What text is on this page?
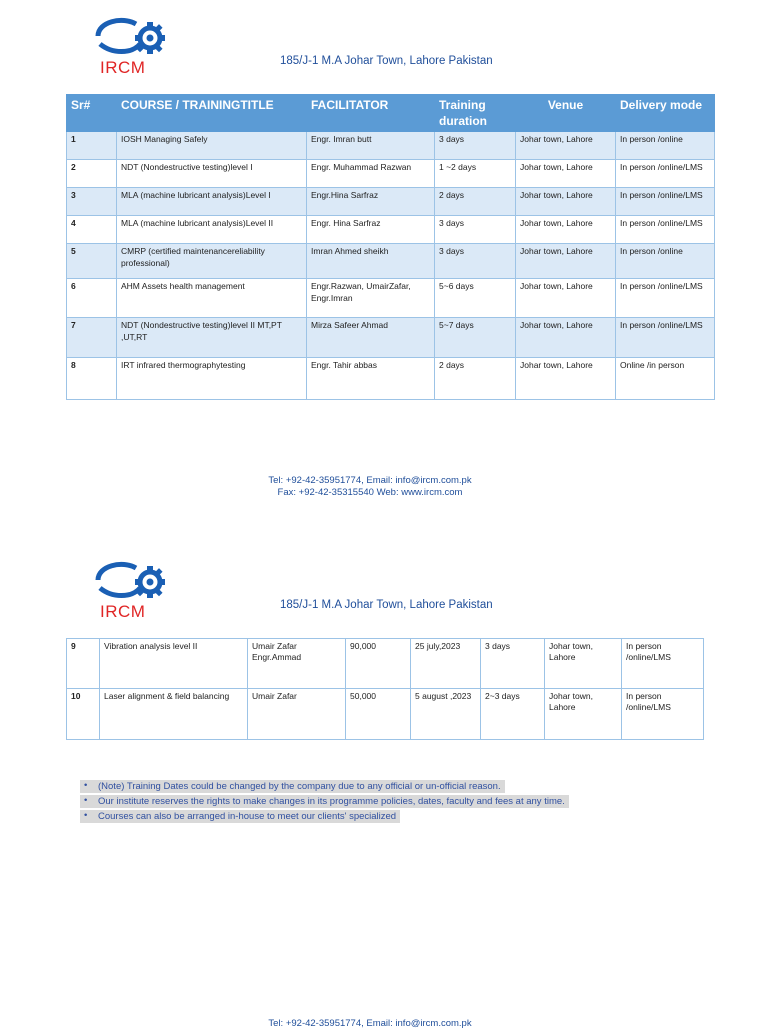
IRCM	185/J-1 M.A Johar Town, Lahore Pakistan
Sr#	COURSE / TRAININGTITLE	FACILITATOR	Training duration	Venue	Delivery mode
1	IOSH Managing Safely	Engr. Imran butt	3 days	Johar town, Lahore	In person /online
2	NDT (Nondestructive testing)level I	Engr. Muhammad Razwan	1 ~2 days	Johar town, Lahore	In person /online/LMS
3	MLA (machine lubricant analysis)Level I	Engr.Hina Sarfraz	2 days	Johar town, Lahore	In person /online/LMS
4	MLA (machine lubricant analysis)Level II	Engr. Hina Sarfraz	3 days	Johar town, Lahore	In person /online/LMS
5	CMRP (certified maintenancereliability professional)	Imran Ahmed sheikh	3 days	Johar town, Lahore	In person /online
6	AHM Assets health management	Engr.Razwan, UmairZafar, Engr.Imran	5~6 days	Johar town, Lahore	In person /online/LMS
7	NDT (Nondestructive testing)level II MT,PT ,UT,RT	Mirza Safeer Ahmad	5~7 days	Johar town, Lahore	In person /online/LMS
8	IRT infrared thermographytesting	Engr. Tahir abbas	2 days	Johar town, Lahore	Online /in person
Tel: +92-42-35951774, Email: info@ircm.com.pk
Fax: +92-42-35315540 Web: www.ircm.com
IRCM	185/J-1 M.A Johar Town, Lahore Pakistan
9	Vibration analysis level II	Umair Zafar Engr.Ammad	90,000	25 july,2023	3 days	Johar town, Lahore	In person /online/LMS
10	Laser alignment & field balancing	Umair Zafar	50,000	5 august ,2023	2~3 days	Johar town, Lahore	In person /online/LMS
• (Note) Training Dates could be changed by the company due to any official or un-official reason.
• Our institute reserves the rights to make changes in its programme policies, dates, faculty and fees at any time.
• Courses can also be arranged in-house to meet our clients' specialized
Tel: +92-42-35951774, Email: info@ircm.com.pk
